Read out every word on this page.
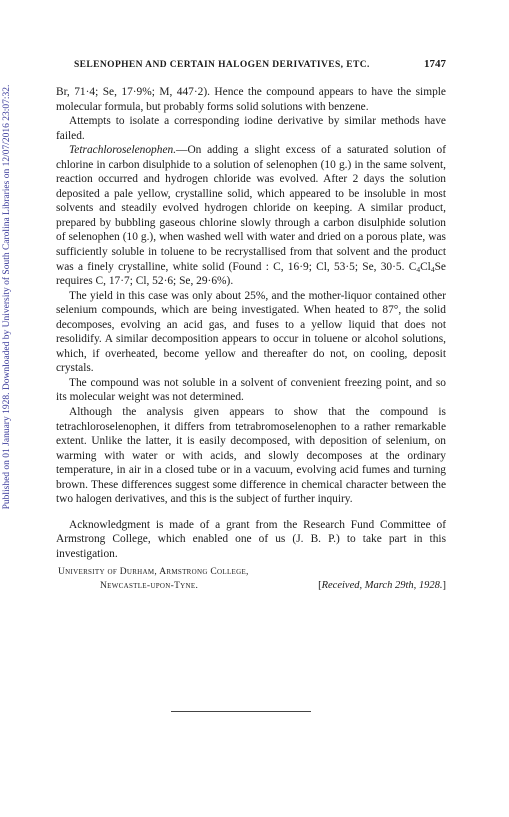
Published on 01 January 1928. Downloaded by University of South Carolina Libraries on 12/07/2016 23:07:32.
SELENOPHEN AND CERTAIN HALOGEN DERIVATIVES, ETC.	1747

Br, 71·4; Se, 17·9%; M, 447·2). Hence the compound appears to have the simple molecular formula, but probably forms solid solutions with benzene.

Attempts to isolate a corresponding iodine derivative by similar methods have failed.

Tetrachloroselenophen.—On adding a slight excess of a saturated solution of chlorine in carbon disulphide to a solution of selenophen (10 g.) in the same solvent, reaction occurred and hydrogen chloride was evolved. After 2 days the solution deposited a pale yellow, crystalline solid, which appeared to be insoluble in most solvents and steadily evolved hydrogen chloride on keeping. A similar product, prepared by bubbling gaseous chlorine slowly through a carbon disulphide solution of selenophen (10 g.), when washed well with water and dried on a porous plate, was sufficiently soluble in toluene to be recrystallised from that solvent and the product was a finely crystalline, white solid (Found : C, 16·9; Cl, 53·5; Se, 30·5. $C_4Cl_4Se$ requires C, 17·7; Cl, 52·6; Se, 29·6%).

The yield in this case was only about 25%, and the mother-liquor contained other selenium compounds, which are being investigated. When heated to 87°, the solid decomposes, evolving an acid gas, and fuses to a yellow liquid that does not resolidify. A similar decomposition appears to occur in toluene or alcohol solutions, which, if overheated, become yellow and thereafter do not, on cooling, deposit crystals.

The compound was not soluble in a solvent of convenient freezing point, and so its molecular weight was not determined.

Although the analysis given appears to show that the compound is tetrachloroselenophen, it differs from tetrabromoselenophen to a rather remarkable extent. Unlike the latter, it is easily decomposed, with deposition of selenium, on warming with water or with acids, and slowly decomposes at the ordinary temperature, in air in a closed tube or in a vacuum, evolving acid fumes and turning brown. These differences suggest some difference in chemical character between the two halogen derivatives, and this is the subject of further inquiry.

Acknowledgment is made of a grant from the Research Fund Committee of Armstrong College, which enabled one of us (J. B. P.) to take part in this investigation.

University of Durham, Armstrong College,
Newcastle-upon-Tyne.	[Received, March 29th, 1928.]
